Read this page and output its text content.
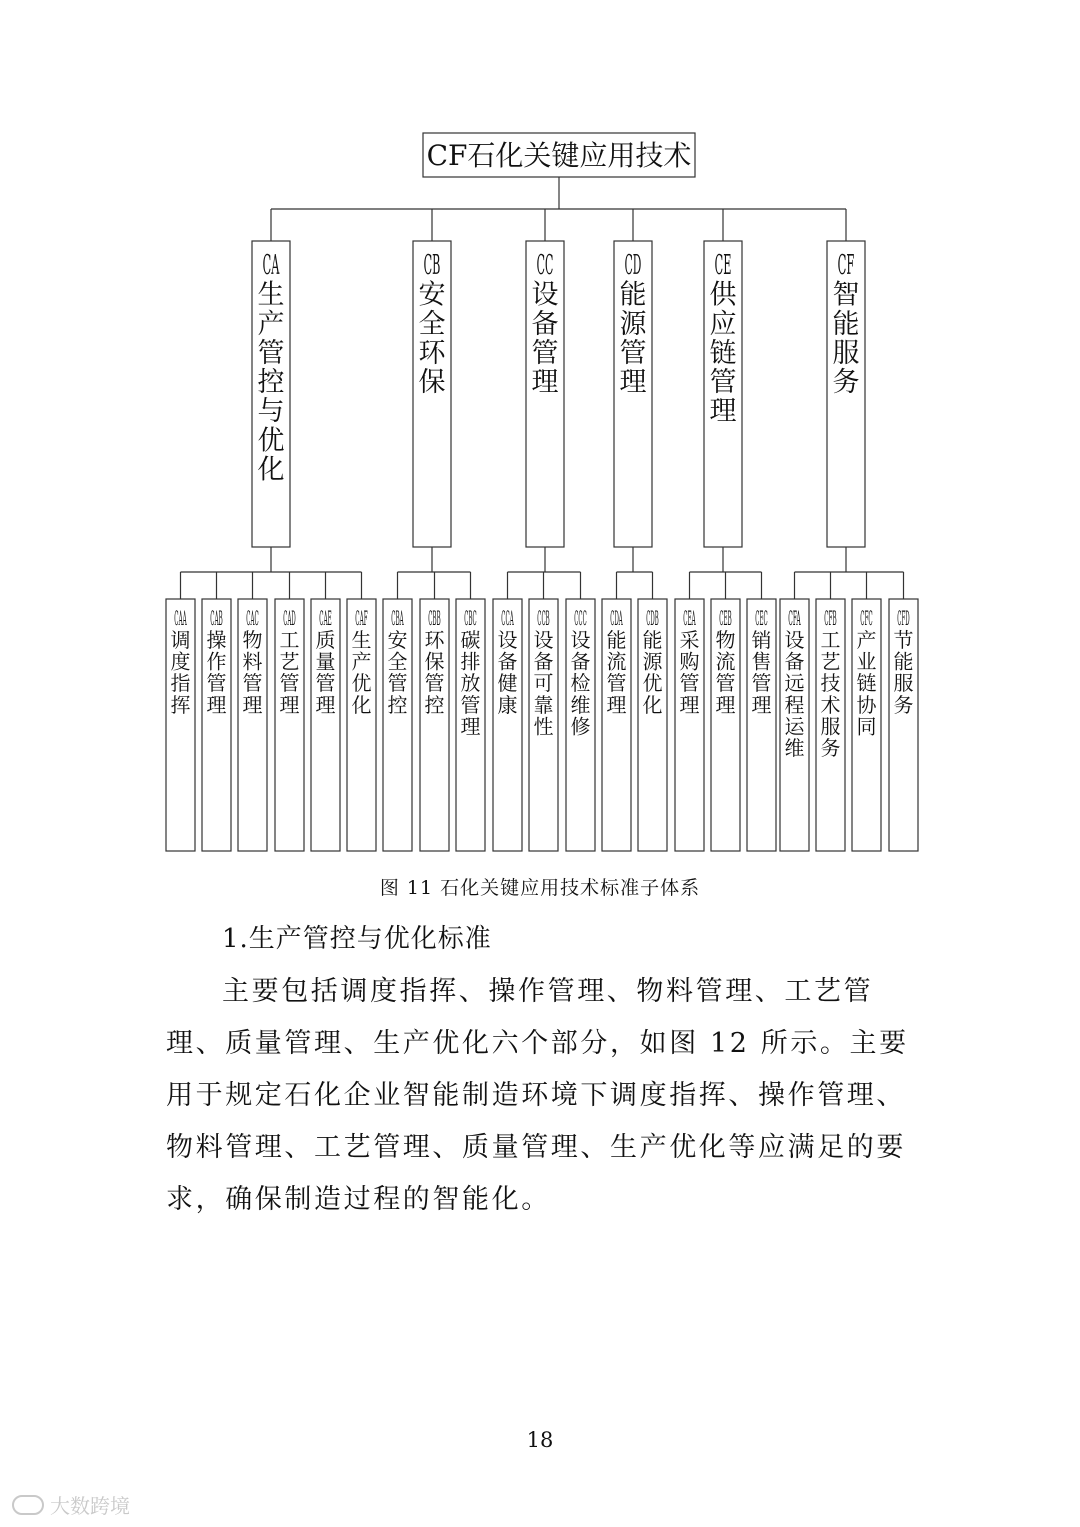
CF石化关键应用技术
CA
生
产
管
控
与
优
化
CAA
调
度
指
挥
CAB
操
作
管
理
CAC
物
料
管
理
CAD
工
艺
管
理
CAE
质
量
管
理
CAF
生
产
优
化
CB
安
全
环
保
CBA
安
全
管
控
CBB
环
保
管
控
CBC
碳
排
放
管
理
CC
设
备
管
理
CCA
设
备
健
康
CCB
设
备
可
靠
性
CCC
设
备
检
维
修
CD
能
源
管
理
CDA
能
流
管
理
CDB
能
源
优
化
CE
供
应
链
管
理
CEA
采
购
管
理
CEB
物
流
管
理
CEC
销
售
管
理
CF
智
能
服
务
CFA
设
备
远
程
运
维
CFB
工
艺
技
术
服
务
CFC
产
业
链
协
同
CFD
节
能
服
务

图 11 石化关键应用技术标准子体系

1.生产管控与优化标准

主要包括调度指挥、操作管理、物料管理、工艺管理、质量管理、生产优化六个部分，如图 12 所示。主要用于规定石化企业智能制造环境下调度指挥、操作管理、物料管理、工艺管理、质量管理、生产优化等应满足的要求，确保制造过程的智能化。

18

大数跨境
